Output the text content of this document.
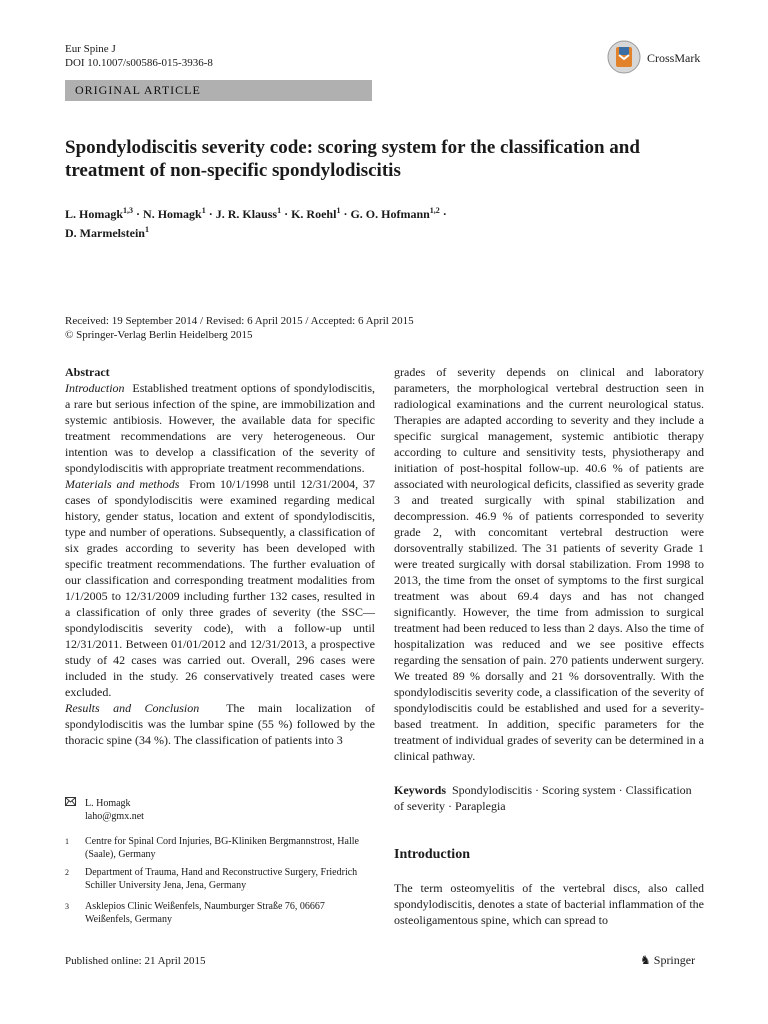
Eur Spine J
DOI 10.1007/s00586-015-3936-8	CrossMark
ORIGINAL ARTICLE
Spondylodiscitis severity code: scoring system for the classification and treatment of non-specific spondylodiscitis
L. Homagk$^{1,3}$ · N. Homagk$^1$ · J. R. Klauss$^1$ · K. Roehl$^1$ · G. O. Hofmann$^{1,2}$ ·
D. Marmelstein$^1$
Received: 19 September 2014 / Revised: 6 April 2015 / Accepted: 6 April 2015
© Springer-Verlag Berlin Heidelberg 2015
Abstract
Introduction Established treatment options of spondylodiscitis, a rare but serious infection of the spine, are immobilization and systemic antibiosis. However, the available data for specific treatment recommendations are very heterogeneous. Our intention was to develop a classification of the severity of spondylodiscitis with appropriate treatment recommendations.
Materials and methods From 10/1/1998 until 12/31/2004, 37 cases of spondylodiscitis were examined regarding medical history, gender status, location and extent of spondylodiscitis, type and number of operations. Subsequently, a classification of six grades according to severity has been developed with specific treatment recommendations. The further evaluation of our classification and corresponding treatment modalities from 1/1/2005 to 12/31/2009 including further 132 cases, resulted in a classification of only three grades of severity (the SSC—spondylodiscitis severity code), with a follow-up until 12/31/2011. Between 01/01/2012 and 12/31/2013, a prospective study of 42 cases was carried out. Overall, 296 cases were included in the study. 26 conservatively treated cases were excluded.
Results and Conclusion The main localization of spondylodiscitis was the lumbar spine (55 %) followed by the thoracic spine (34 %). The classification of patients into 3
grades of severity depends on clinical and laboratory parameters, the morphological vertebral destruction seen in radiological examinations and the current neurological status. Therapies are adapted according to severity and they include a specific surgical management, systemic antibiotic therapy according to culture and sensitivity tests, physiotherapy and initiation of post-hospital follow-up. 40.6 % of patients are associated with neurological deficits, classified as severity grade 3 and treated surgically with spinal stabilization and decompression. 46.9 % of patients corresponded to severity grade 2, with concomitant vertebral destruction were dorsoventrally stabilized. The 31 patients of severity Grade 1 were treated surgically with dorsal stabilization. From 1998 to 2013, the time from the onset of symptoms to the first surgical treatment was about 69.4 days and has not changed significantly. However, the time from admission to surgical treatment had been reduced to less than 2 days. Also the time of hospitalization was reduced and we see positive effects regarding the sensation of pain. 270 patients underwent surgery. We treated 89 % dorsally and 21 % dorsoventrally. With the spondylodiscitis severity code, a classification of the severity of spondylodiscitis could be established and used for a severity-based treatment. In addition, specific parameters for the treatment of individual grades of severity can be determined in a clinical pathway.
Keywords Spondylodiscitis · Scoring system · Classification of severity · Paraplegia
L. Homagk
laho@gmx.net
1 Centre for Spinal Cord Injuries, BG-Kliniken Bergmannstrost, Halle (Saale), Germany
2 Department of Trauma, Hand and Reconstructive Surgery, Friedrich Schiller University Jena, Jena, Germany
3 Asklepios Clinic Weißenfels, Naumburger Straße 76, 06667 Weißenfels, Germany
Introduction
The term osteomyelitis of the vertebral discs, also called spondylodiscitis, denotes a state of bacterial inflammation of the osteoligamentous spine, which can spread to
Published online: 21 April 2015	♞ Springer
